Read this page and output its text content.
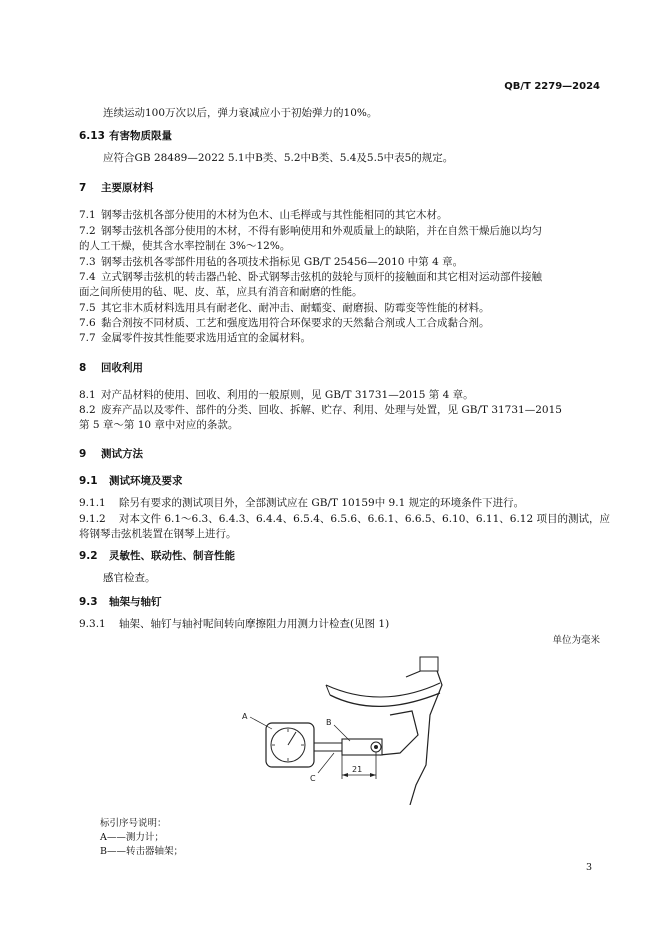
QB/T 2279—2024
连续运动100万次以后，弹力衰减应小于初始弹力的10%。
6.13 有害物质限量
应符合GB 28489—2022 5.1中B类、5.2中B类、5.4及5.5中表5的规定。
7 主要原材料
7.1 钢琴击弦机各部分使用的木材为色木、山毛榉或与其性能相同的其它木材。
7.2 钢琴击弦机各部分使用的木材，不得有影响使用和外观质量上的缺陷，并在自然干燥后施以均匀
的人工干燥，使其含水率控制在 3%～12%。
7.3 钢琴击弦机各零部件用毡的各项技术指标见 GB/T 25456—2010 中第 4 章。
7.4 立式钢琴击弦机的转击器凸轮、卧式钢琴击弦机的鼓轮与顶杆的接触面和其它相对运动部件接触
面之间所使用的毡、呢、皮、革，应具有消音和耐磨的性能。
7.5 其它非木质材料选用具有耐老化、耐冲击、耐蠕变、耐磨损、防霉变等性能的材料。
7.6 黏合剂按不同材质、工艺和强度选用符合环保要求的天然黏合剂或人工合成黏合剂。
7.7 金属零件按其性能要求选用适宜的金属材料。
8 回收利用
8.1 对产品材料的使用、回收、利用的一般原则，见 GB/T 31731—2015 第 4 章。
8.2 废弃产品以及零件、部件的分类、回收、拆解、贮存、利用、处理与处置，见 GB/T 31731—2015
第 5 章～第 10 章中对应的条款。
9 测试方法
9.1 测试环境及要求
9.1.1 除另有要求的测试项目外，全部测试应在 GB/T 10159中 9.1 规定的环境条件下进行。
9.1.2 对本文件 6.1～6.3、6.4.3、6.4.4、6.5.4、6.5.6、6.6.1、6.6.5、6.10、6.11、6.12 项目的测试，应
将钢琴击弦机装置在钢琴上进行。
9.2 灵敏性、联动性、制音性能
感官检查。
9.3 轴架与轴钉
9.3.1 轴架、轴钉与轴衬呢间转向摩擦阻力用测力计检查(见图 1)
单位为毫米
21
A
B
C
标引序号说明：
A——测力计；
B——转击器轴架；
3
